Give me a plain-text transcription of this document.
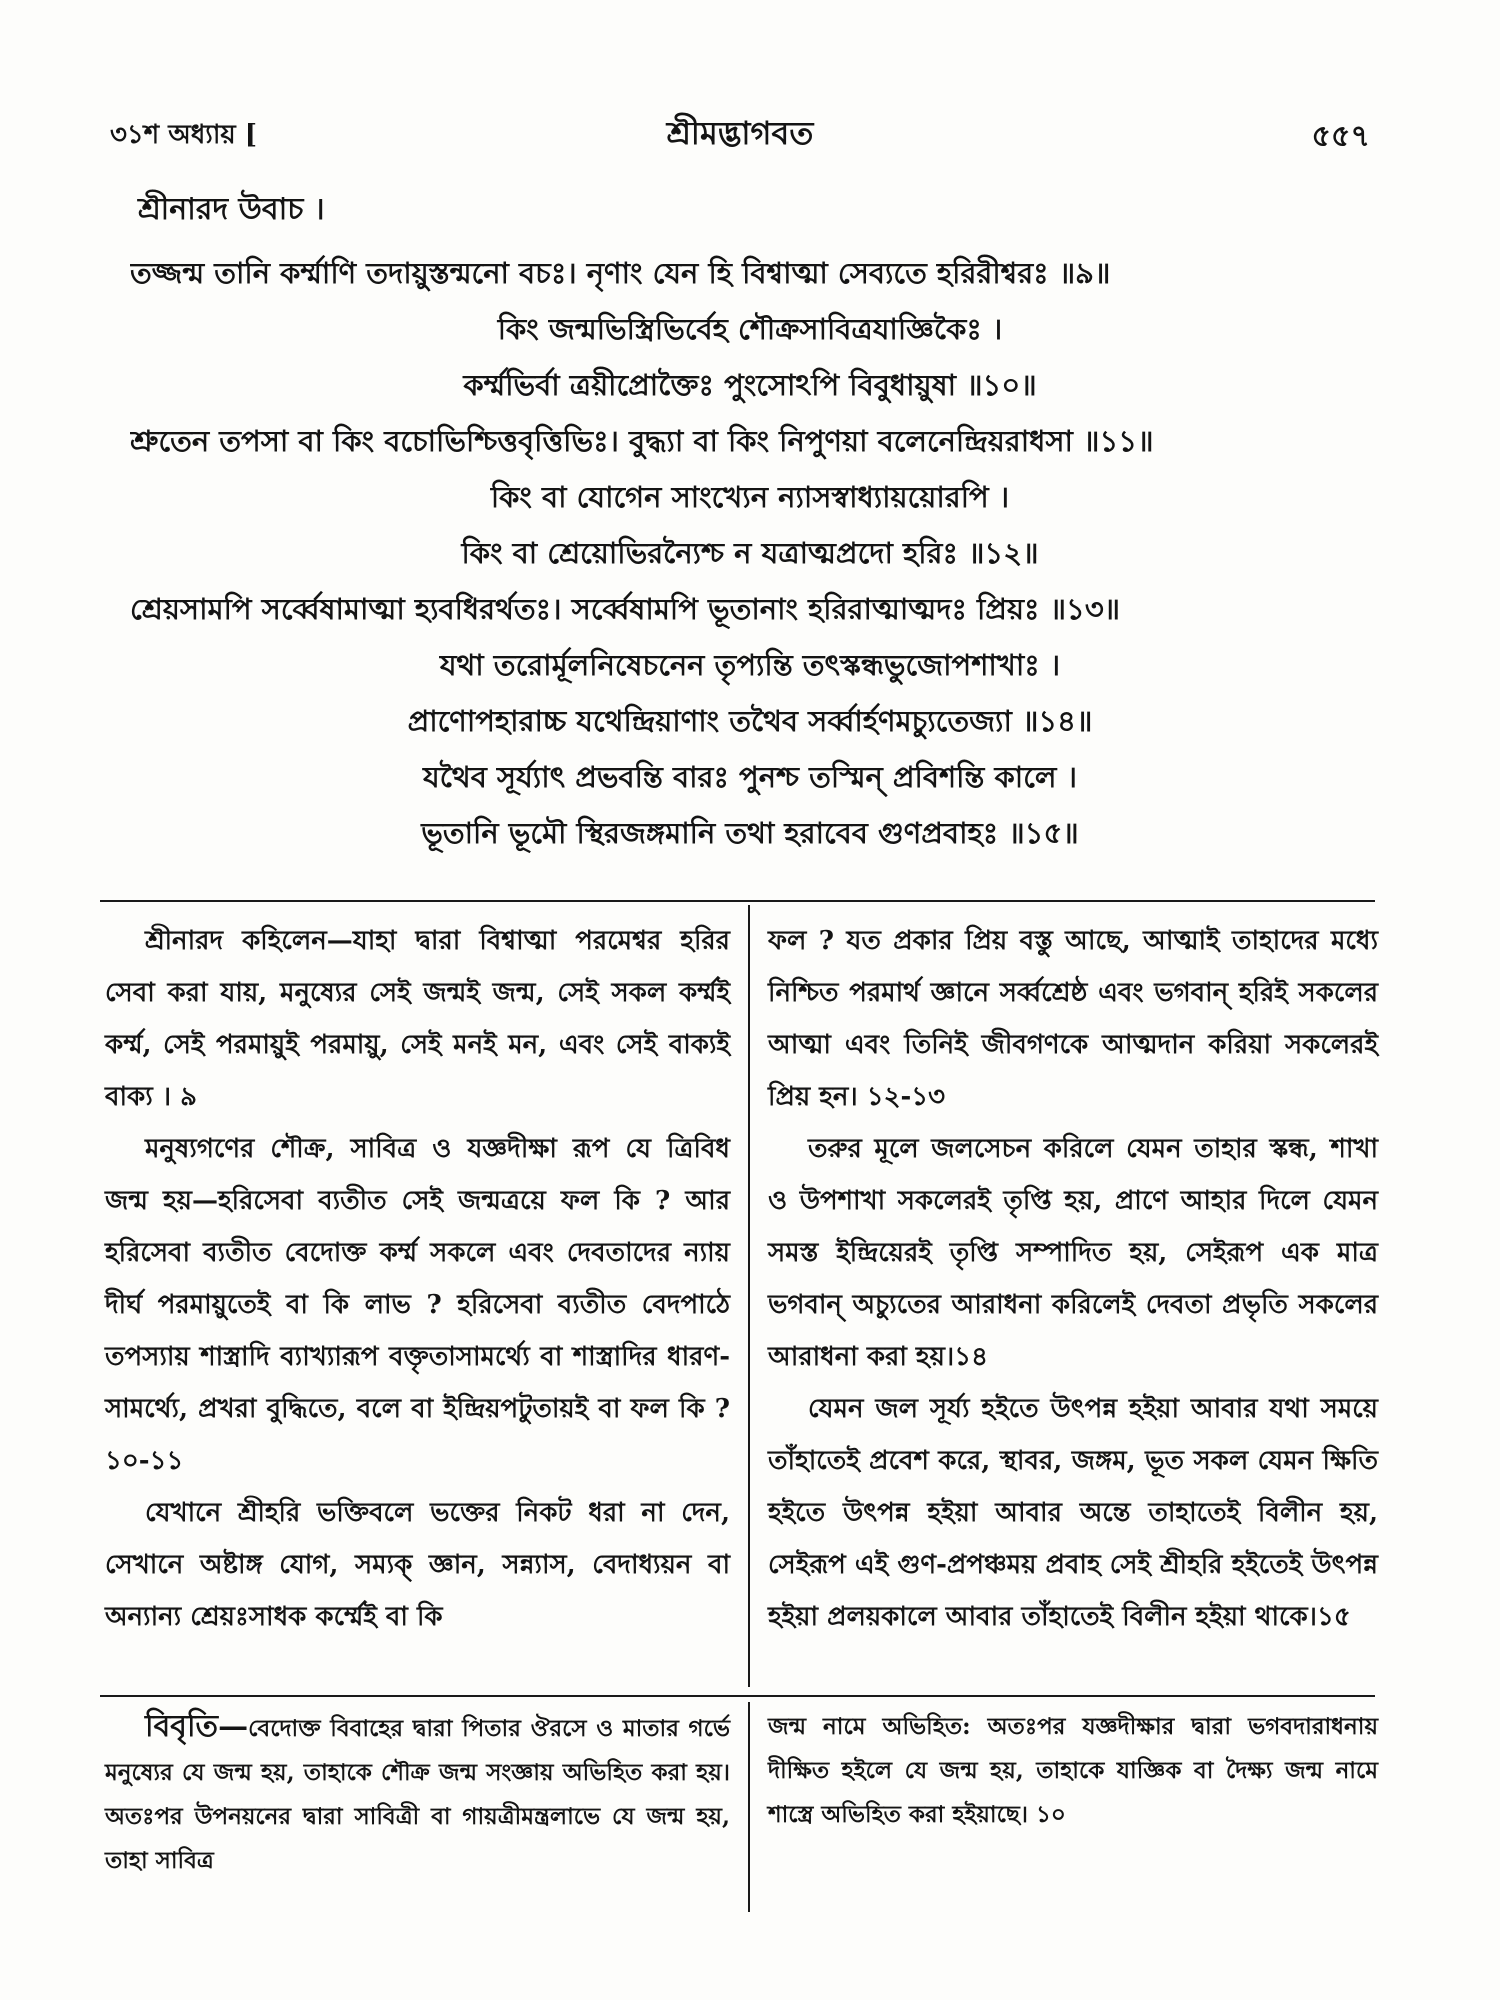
৩১শ অধ্যায় [	শ্রীমদ্ভাগবত	৫৫৭
শ্রীনারদ উবাচ ।
তজ্জন্ম তানি কর্ম্মাণি তদায়ুস্তন্মনো বচঃ। নৃণাং যেন হি বিশ্বাত্মা সেব্যতে হরিরীশ্বরঃ ॥৯॥
কিং জন্মভিস্ত্রিভির্বেহ শৌক্রসাবিত্রযাজ্ঞিকৈঃ ।
কর্ম্মভির্বা ত্রয়ীপ্রোক্তৈঃ পুংসোঽপি বিবুধায়ুষা ॥১০॥
শ্রুতেন তপসা বা কিং বচোভিশ্চিত্তবৃত্তিভিঃ। বুদ্ধ্যা বা কিং নিপুণয়া বলেনেন্দ্রিয়রাধসা ॥১১॥
কিং বা যোগেন সাংখ্যেন ন্যাসস্বাধ্যায়য়োরপি ।
কিং বা শ্রেয়োভিরন্যৈশ্চ ন যত্রাত্মপ্রদো হরিঃ ॥১২॥
শ্রেয়সামপি সর্ব্বেষামাত্মা হ্যবধিরর্থতঃ। সর্ব্বেষামপি ভূতানাং হরিরাত্মাত্মদঃ প্রিয়ঃ ॥১৩॥
যথা তরোর্মূলনিষেচনেন তৃপ্যন্তি তৎস্কন্ধভুজোপশাখাঃ ।
প্রাণোপহারাচ্চ যথেন্দ্রিয়াণাং তথৈব সর্ব্বার্হণমচ্যুতেজ্যা ॥১৪॥
যথৈব সূর্য্যাৎ প্রভবন্তি বারঃ পুনশ্চ তস্মিন্ প্রবিশন্তি কালে ।
ভূতানি ভূমৌ স্থিরজঙ্গমানি তথা হরাবেব গুণপ্রবাহঃ ॥১৫॥

শ্রীনারদ কহিলেন—যাহা দ্বারা বিশ্বাত্মা পরমেশ্বর হরির সেবা করা যায়, মনুষ্যের সেই জন্মই জন্ম, সেই সকল কর্ম্মই কর্ম্ম, সেই পরমায়ুই পরমায়ু, সেই মনই মন, এবং সেই বাক্যই বাক্য । ৯

মনুষ্যগণের শৌক্র, সাবিত্র ও যজ্ঞদীক্ষা রূপ যে ত্রিবিধ জন্ম হয়—হরিসেবা ব্যতীত সেই জন্মত্রয়ে ফল কি ? আর হরিসেবা ব্যতীত বেদোক্ত কর্ম্ম সকলে এবং দেবতাদের ন্যায় দীর্ঘ পরমায়ুতেই বা কি লাভ ? হরিসেবা ব্যতীত বেদপাঠে তপস্যায় শাস্ত্রাদি ব্যাখ্যারূপ বক্তৃতাসামর্থ্যে বা শাস্ত্রাদির ধারণ-সামর্থ্যে, প্রখরা বুদ্ধিতে, বলে বা ইন্দ্রিয়পটুতায়ই বা ফল কি ? ১০-১১

যেখানে শ্রীহরি ভক্তিবলে ভক্তের নিকট ধরা না দেন, সেখানে অষ্টাঙ্গ যোগ, সম্যক্ জ্ঞান, সন্ন্যাস, বেদাধ্যয়ন বা অন্যান্য শ্রেয়ঃসাধক কর্ম্মেই বা কি

ফল ? যত প্রকার প্রিয় বস্তু আছে, আত্মাই তাহাদের মধ্যে নিশ্চিত পরমার্থ জ্ঞানে সর্ব্বশ্রেষ্ঠ এবং ভগবান্ হরিই সকলের আত্মা এবং তিনিই জীবগণকে আত্মদান করিয়া সকলেরই প্রিয় হন। ১২-১৩

তরুর মূলে জলসেচন করিলে যেমন তাহার স্কন্ধ, শাখা ও উপশাখা সকলেরই তৃপ্তি হয়, প্রাণে আহার দিলে যেমন সমস্ত ইন্দ্রিয়েরই তৃপ্তি সম্পাদিত হয়, সেইরূপ এক মাত্র ভগবান্ অচ্যুতের আরাধনা করিলেই দেবতা প্রভৃতি সকলের আরাধনা করা হয়।১৪

যেমন জল সূর্য্য হইতে উৎপন্ন হইয়া আবার যথা সময়ে তাঁহাতেই প্রবেশ করে, স্থাবর, জঙ্গম, ভূত সকল যেমন ক্ষিতি হইতে উৎপন্ন হইয়া আবার অন্তে তাহাতেই বিলীন হয়, সেইরূপ এই গুণ-প্রপঞ্চময় প্রবাহ সেই শ্রীহরি হইতেই উৎপন্ন হইয়া প্রলয়কালে আবার তাঁহাতেই বিলীন হইয়া থাকে।১৫

বিবৃতি—বেদোক্ত বিবাহের দ্বারা পিতার ঔরসে ও মাতার গর্ভে মনুষ্যের যে জন্ম হয়, তাহাকে শৌক্র জন্ম সংজ্ঞায় অভিহিত করা হয়। অতঃপর উপনয়নের দ্বারা সাবিত্রী বা গায়ত্রীমন্ত্রলাভে যে জন্ম হয়, তাহা সাবিত্র

জন্ম নামে অভিহিত: অতঃপর যজ্ঞদীক্ষার দ্বারা ভগবদারাধনায় দীক্ষিত হইলে যে জন্ম হয়, তাহাকে যাজ্ঞিক বা দৈক্ষ্য জন্ম নামে শাস্ত্রে অভিহিত করা হইয়াছে। ১০
